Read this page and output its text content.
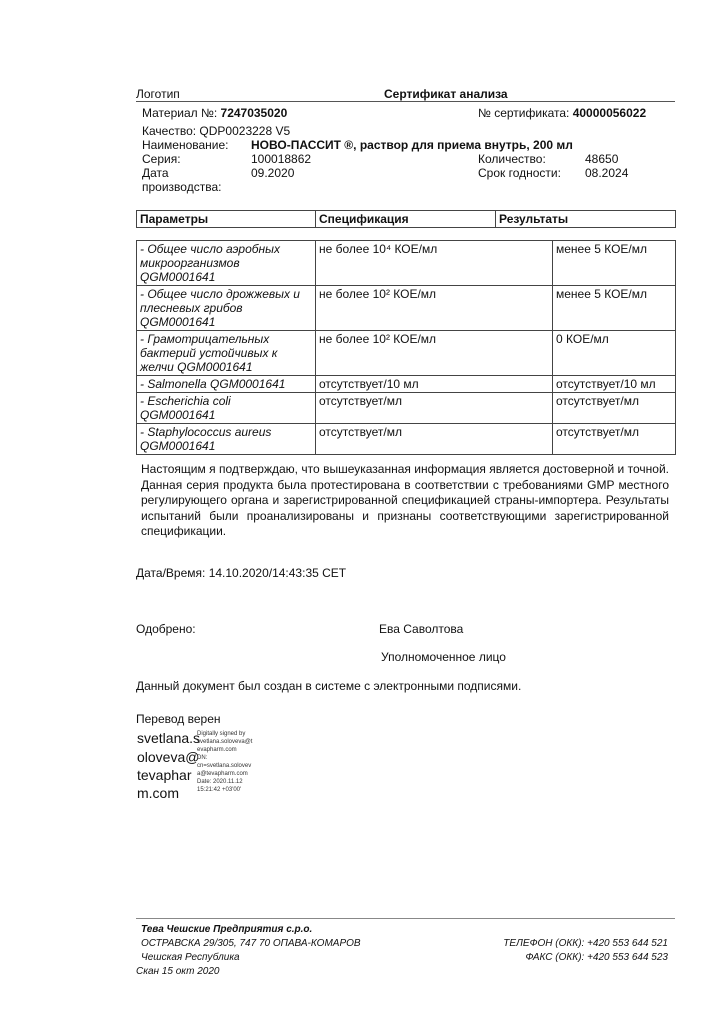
Логотип	Сертификат анализа
Материал №: 7247035020	№ сертификата: 40000056022
Качество: QDP0023228 V5
Наименование: НОВО-ПАССИТ ®, раствор для приема внутрь, 200 мл
Серия:	100018862	Количество:	48650
Дата
производства:
09.2020	Срок годности: 08.2024
Параметры	Спецификация	Результаты
- Общее число аэробных
микроорганизмов
QGM0001641	не более 10⁴ КОЕ/мл	менее 5 КОЕ/мл

- Общее число дрожжевых и
плесневых грибов
QGM0001641	не более 10² КОЕ/мл	менее 5 КОЕ/мл

- Грамотрицательных
бактерий устойчивых к
желчи QGM0001641	не более 10² КОЕ/мл	0 КОЕ/мл

- Salmonella QGM0001641	отсутствует/10 мл	отсутствует/10 мл

- Escherichia coli
QGM0001641	отсутствует/мл	отсутствует/мл

- Staphylococcus aureus
QGM0001641	отсутствует/мл	отсутствует/мл
Настоящим я подтверждаю, что вышеуказанная информация является достоверной и точной. Данная серия продукта была протестирована в соответствии с требованиями GMP местного регулирующего органа и зарегистрированной спецификацией страны-импортера. Результаты испытаний были проанализированы и признаны соответствующими зарегистрированной спецификации.
Дата/Время: 14.10.2020/14:43:35 CET
Одобрено:	Ева Саволтова
Уполномоченное лицо
Данный документ был создан в системе с электронными подписями.
Перевод верен
svetlana.s
oloveva@
tevaphar
m.com
Digitally signed by
svetlana.soloveva@t
evapharm.com
DN:
cn=svetlana.solovev
a@tevapharm.com
Date: 2020.11.12
15:21:42 +03'00'
Тева Чешские Предприятия с.р.о.
ОСТРАВСКА 29/305, 747 70 ОПАВА-КОМАРОВ
Чешская Республика
Скан 15 окт 2020
ТЕЛЕФОН (ОКК): +420 553 644 521
ФАКС (ОКК): +420 553 644 523
